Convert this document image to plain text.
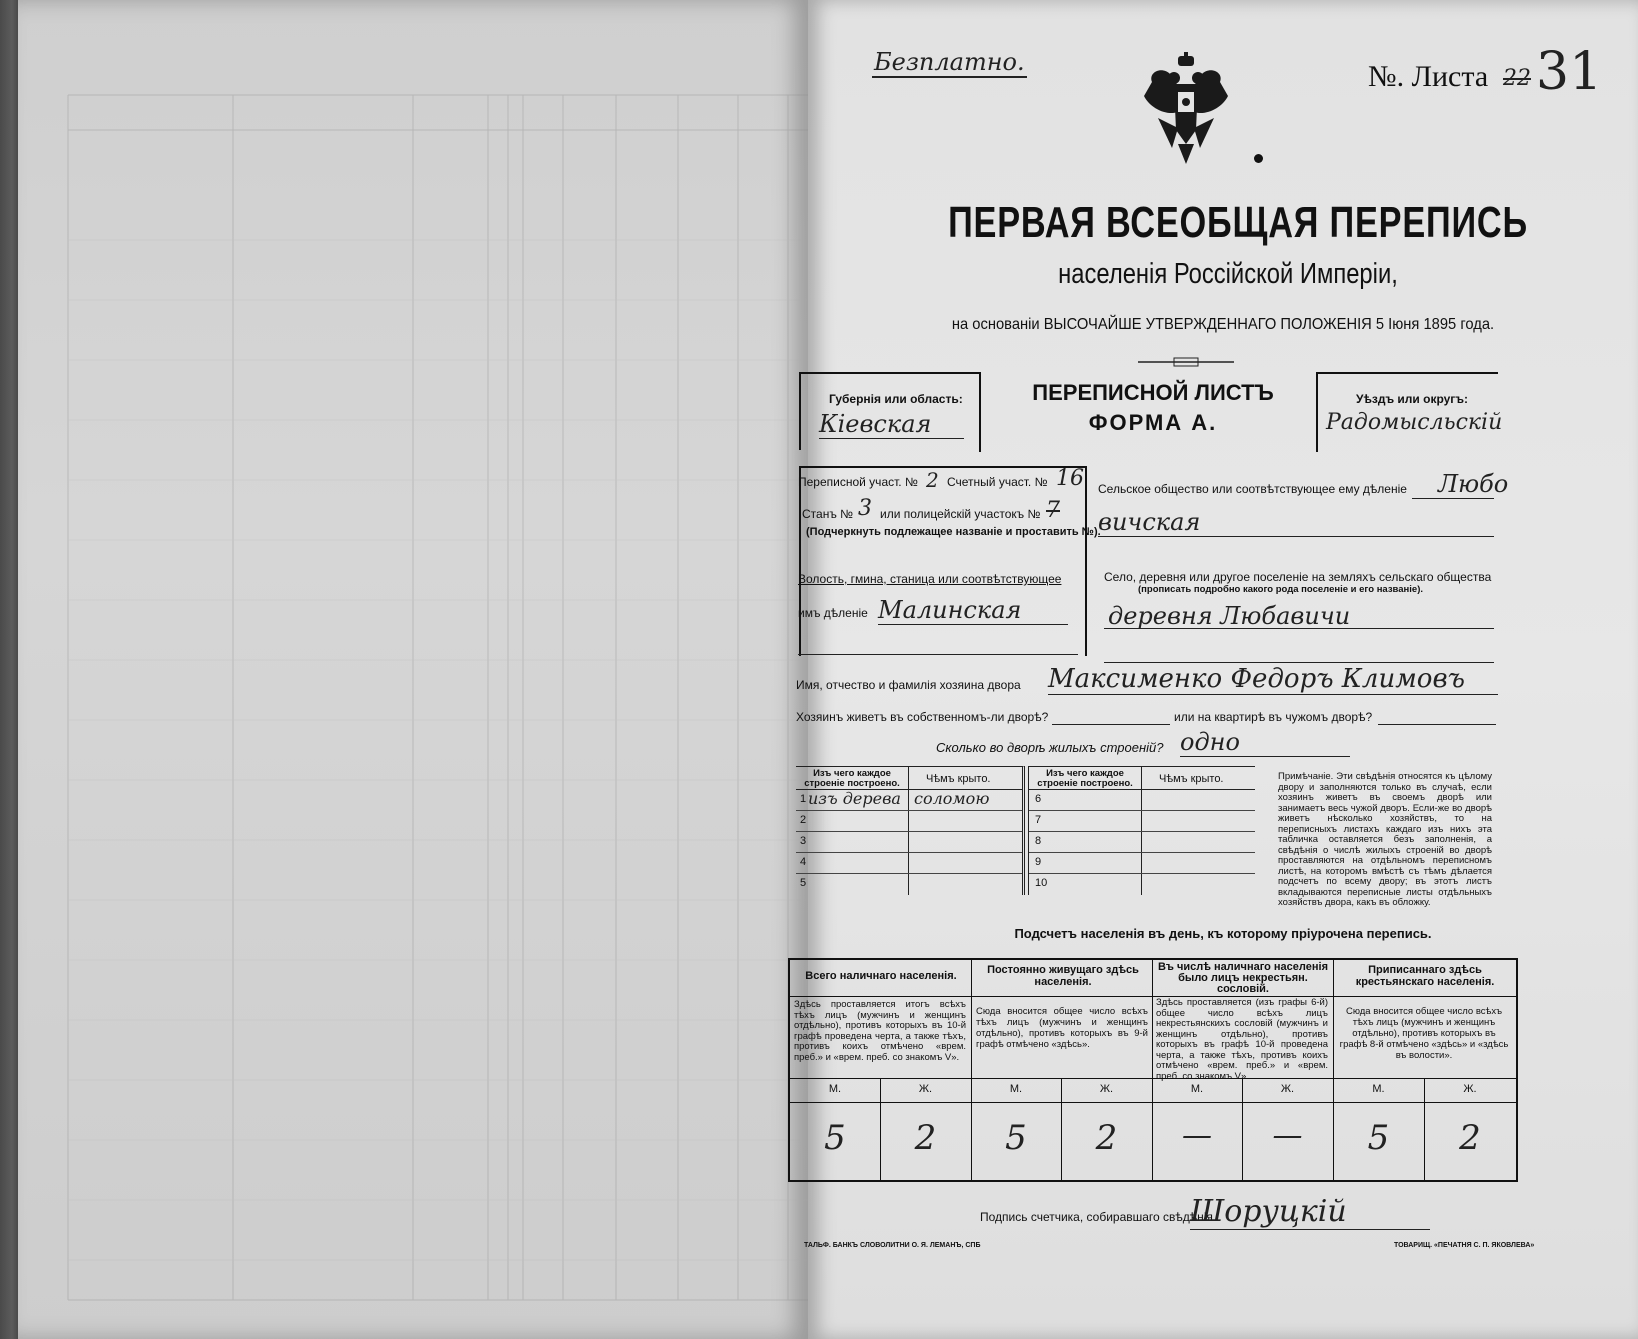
Безплатно.	№. Листа 22 31
ПЕРВАЯ ВСЕОБЩАЯ ПЕРЕПИСЬ
населенія Россійской Имперіи,
на основаніи ВЫСОЧАЙШЕ УТВЕРЖДЕННАГО ПОЛОЖЕНІЯ 5 Іюня 1895 года.
Губернія или область:
Кіевская
ПЕРЕПИСНОЙ ЛИСТЪ
ФОРМА А.
Уѣздъ или округъ:
Радомысльскій
Переписной участ. № 2 Счетный участ. № 16
Станъ № 3 или полицейскій участокъ № 7
(Подчеркнуть подлежащее названіе и проставить №).
Волость, гмина, станица или соотвѣтствующее
имъ дѣленіе Малинская
Сельское общество или соотвѣтствующее ему дѣленіе Любо
вичская
Село, деревня или другое поселеніе на земляхъ сельскаго общества
(прописать подробно какого рода поселеніе и его названіе).
деревня Любавичи
Имя, отчество и фамилія хозяина двора Максименко Федоръ Климовъ
Хозяинъ живетъ въ собственномъ-ли дворѣ?	или на квартирѣ въ чужомъ дворѣ?
Сколько во дворѣ жилыхъ строеній? одно
Изъ чего каждое строеніе построено.	Чѣмъ крыто.
1 изъ дерева соломою
2
3
4
5
Изъ чего каждое строеніе построено.	Чѣмъ крыто.
6
7
8
9
10
Примѣчаніе. Эти свѣдѣнія относятся къ цѣлому двору и заполняются только въ случаѣ, если хозяинъ живетъ въ своемъ дворѣ или занимаетъ весь чужой дворъ. Если-же во дворѣ живетъ нѣсколько хозяйствъ, то на переписныхъ листахъ каждаго изъ нихъ эта табличка оставляется безъ заполненія, а свѣдѣнія о числѣ жилыхъ строеній во дворѣ проставляются на отдѣльномъ переписномъ листѣ, на которомъ вмѣстѣ съ тѣмъ дѣлается подсчетъ по всему двору; въ этотъ листъ вкладываются переписные листы отдѣльныхъ хозяйствъ двора, какъ въ обложку.
Подсчетъ населенія въ день, къ которому пріурочена перепись.
Всего наличнаго населенія.	Постоянно живущаго здѣсь населенія.
Въ числѣ наличнаго населенія было лицъ некрестьян. сословій.
Приписаннаго здѣсь крестьянскаго населенія.
Здѣсь проставляется итогъ всѣхъ тѣхъ лицъ (мужчинъ и женщинъ отдѣльно), противъ которыхъ въ 10-й графѣ проведена черта, а также тѣхъ, противъ коихъ отмѣчено «врем. преб.» и «врем. преб. со знакомъ V».
Сюда вносится общее число всѣхъ тѣхъ лицъ (мужчинъ и женщинъ отдѣльно), противъ которыхъ въ 9-й графѣ отмѣчено «здѣсь».
Здѣсь проставляется (изъ графы 6-й) общее число всѣхъ лицъ некрестьянскихъ сословій (мужчинъ и женщинъ отдѣльно), противъ которыхъ въ графѣ 10-й проведена черта, а также тѣхъ, противъ коихъ отмѣчено «врем. преб.» и «врем. преб. со знакомъ V».
Сюда вносится общее число всѣхъ тѣхъ лицъ (мужчинъ и женщинъ отдѣльно), противъ которыхъ въ графѣ 8-й отмѣчено «здѣсь» и «здѣсь въ волости».
М.	Ж.	М.	Ж.	М.	Ж.	М.	Ж.
5	2	5	2	—	—	5	2
Подпись счетчика, собиравшаго свѣдѣнія
Шоруцкій
ТАЛЬФ. БАНКЪ СЛОВОЛИТНИ О. Я. ЛЕМАНЪ, СПБ	ТОВАРИЩ. «ПЕЧАТНЯ С. П. ЯКОВЛЕВА»
